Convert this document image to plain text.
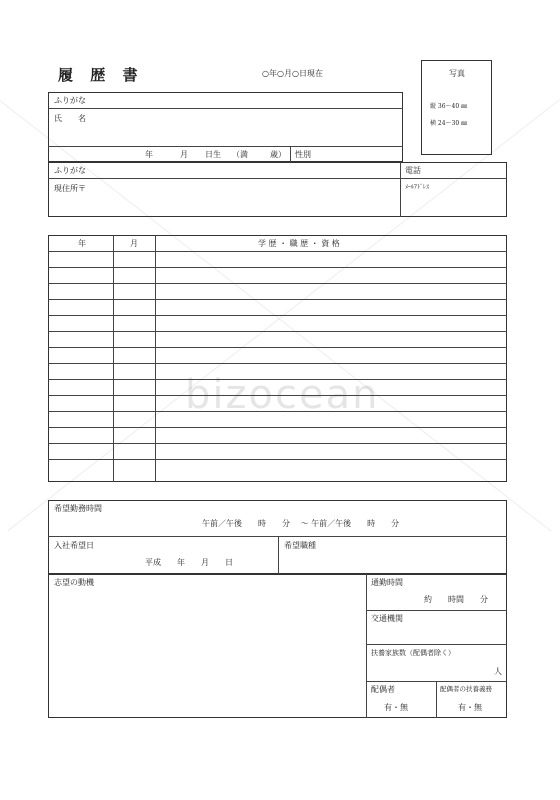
bizocean
履 歴 書	○年○月○日現在	写真
縦 36～40 ㎜
横 24～30 ㎜
ふりがな
氏　　名
年	月 日生 （満	歳） 性別
ふりがな
現住所〒
電話
ﾒｰﾙｱﾄﾞﾚｽ
年	月	学 歴 ・ 職 歴 ・ 資 格
希望勤務時間
午前／午後　　時　　分　 ～ 午前／午後　　時　　分
入社希望日
平成　　年　　月　　日
希望職種
志望の動機	通勤時間
約　　時間　　分
交通機関
扶養家族数（配偶者除く）
人
配偶者
有・無
配偶者の扶養義務
有・無
